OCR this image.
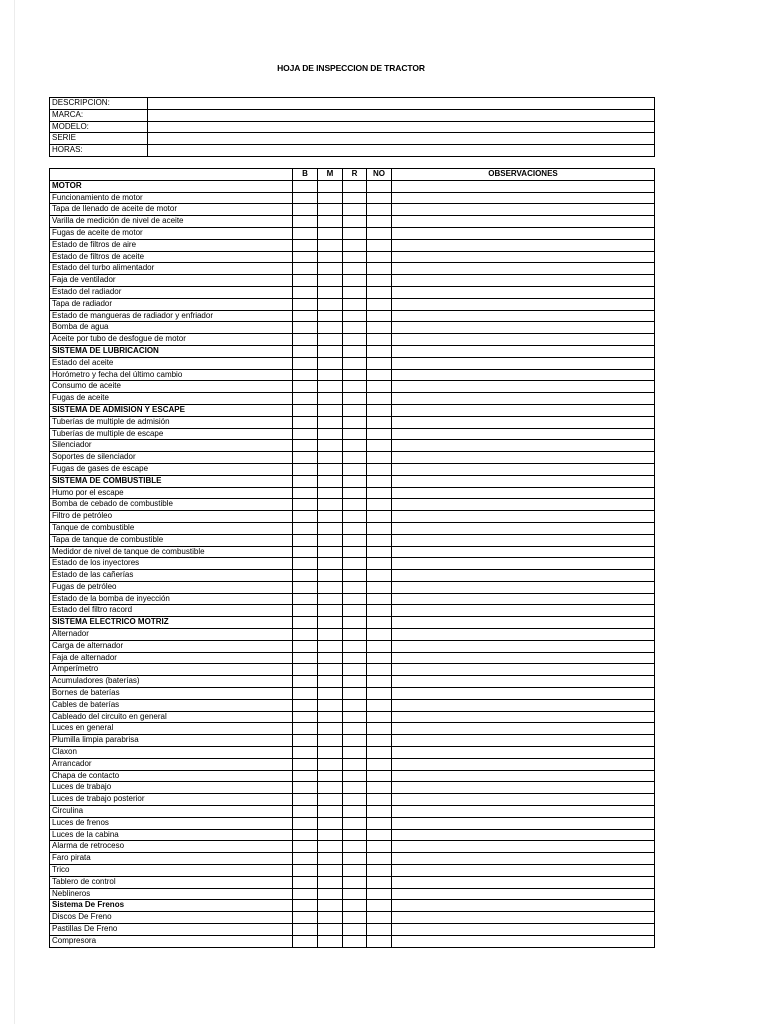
HOJA DE INSPECCION DE TRACTOR
DESCRIPCION:	
MARCA:	
MODELO:	
SERIE	
HORAS:	
	B	M	R	NO	OBSERVACIONES
MOTOR					
Funcionamiento de motor					
Tapa de llenado de aceite de motor					
Varilla de medición de nivel de aceite					
Fugas de aceite de motor					
Estado de filtros de aire					
Estado de filtros de aceite					
Estado del turbo alimentador					
Faja de ventilador					
Estado del radiador					
Tapa de radiador					
Estado de mangueras de radiador y enfriador					
Bomba de agua					
Aceite por tubo de desfogue de motor					
SISTEMA DE LUBRICACION					
Estado del aceite					
Horómetro y fecha del último cambio					
Consumo de aceite					
Fugas de aceite					
SISTEMA DE ADMISION Y ESCAPE					
Tuberías de multiple de admisión					
Tuberías de multiple de escape					
Silenciador					
Soportes de silenciador					
Fugas de gases de escape					
SISTEMA DE COMBUSTIBLE					
Humo por el escape					
Bomba de cebado de combustible					
Filtro de petróleo					
Tanque de combustible					
Tapa de tanque de combustible					
Medidor de nivel de tanque de combustible					
Estado de los inyectores					
Estado de las cañerías					
Fugas de petróleo					
Estado de la bomba de inyección					
Estado del filtro racord					
SISTEMA ELECTRICO MOTRIZ					
Alternador					
Carga de alternador					
Faja de alternador					
Amperímetro					
Acumuladores (baterías)					
Bornes de baterías					
Cables de baterías					
Cableado del circuito en general					
Luces en general					
Plumilla limpia parabrisa					
Claxon					
Arrancador					
Chapa de contacto					
Luces de trabajo					
Luces de trabajo posterior					
Circulina					
Luces de frenos					
Luces de la cabina					
Alarma de retroceso					
Faro pirata					
Trico					
Tablero de control					
Neblineros					
Sistema De Frenos					
Discos De Freno					
Pastillas De Freno					
Compresora					
